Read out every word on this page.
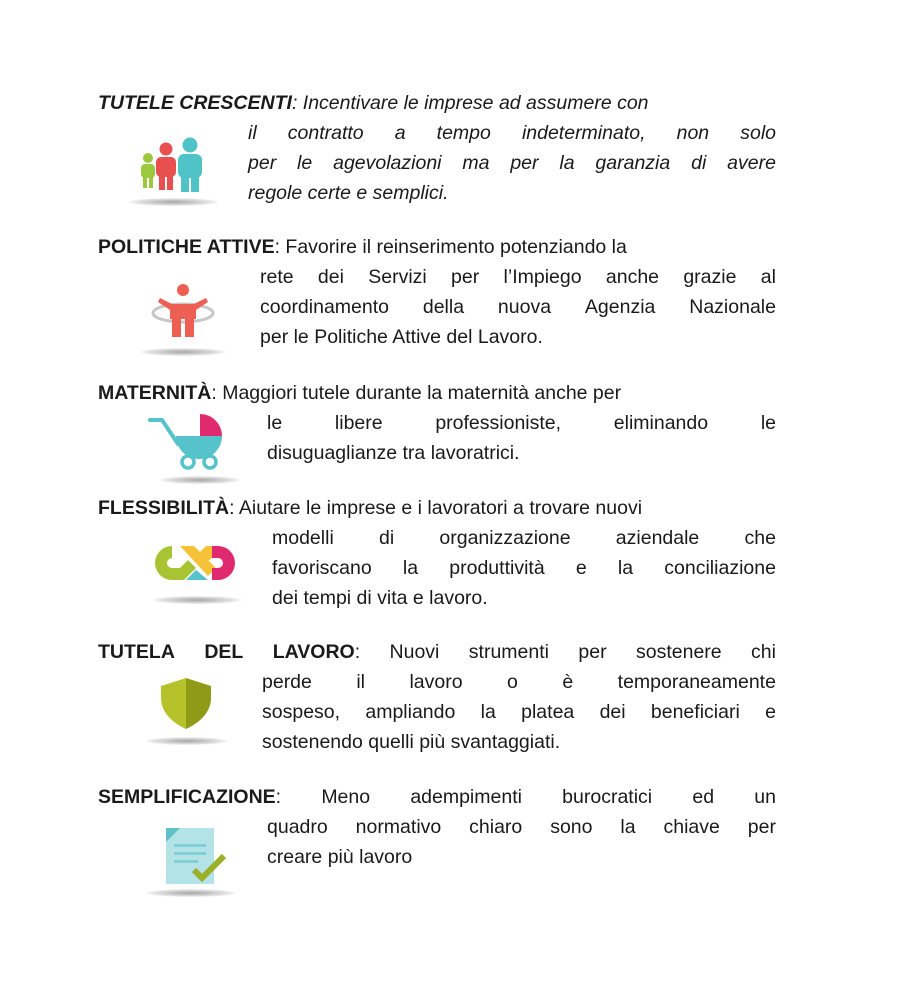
TUTELE CRESCENTI: Incentivare le imprese ad assumere con
il contratto a tempo indeterminato, non solo
per le agevolazioni ma per la garanzia di avere
regole certe e semplici.
POLITICHE ATTIVE: Favorire il reinserimento potenziando la
rete dei Servizi per l’Impiego anche grazie al
coordinamento della nuova Agenzia Nazionale
per le Politiche Attive del Lavoro.
MATERNITÀ: Maggiori tutele durante la maternità anche per
le	libere	professioniste,	eliminando	le
disuguaglianze tra lavoratrici.
FLESSIBILITÀ: Aiutare le imprese e i lavoratori a trovare nuovi
modelli di organizzazione aziendale che
favoriscano la produttività e la conciliazione
dei tempi di vita e lavoro.
TUTELA DEL LAVORO: Nuovi strumenti per sostenere chi
perde il lavoro o è temporaneamente
sospeso, ampliando la platea dei beneficiari e
sostenendo quelli più svantaggiati.
SEMPLIFICAZIONE: Meno adempimenti burocratici ed un
quadro normativo chiaro sono la chiave per
creare più lavoro
